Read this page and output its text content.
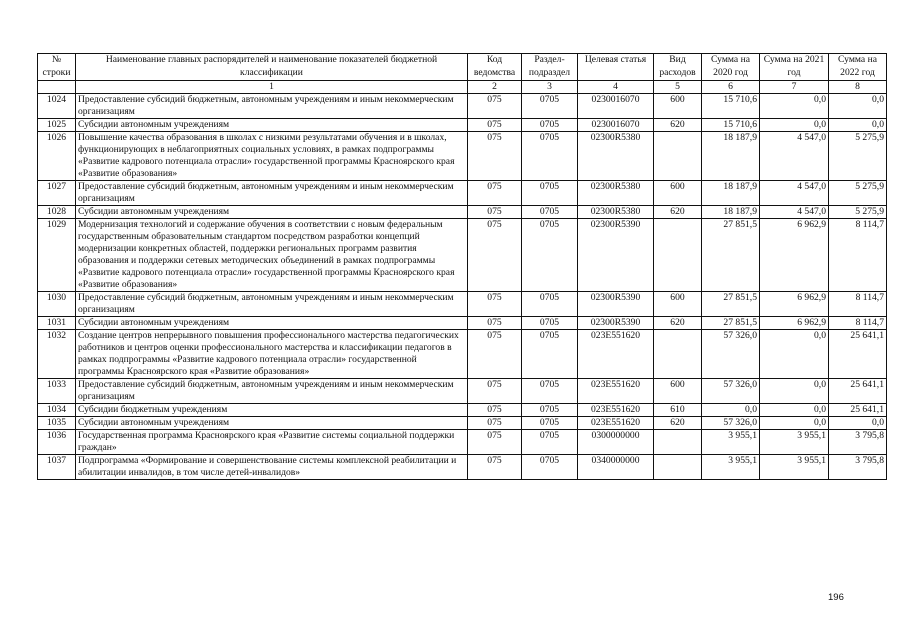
№ строки	Наименование главных распорядителей и наименование показателей бюджетной классификации	Код ведомства	Раздел-подраздел	Целевая статья	Вид расходов	Сумма на 2020 год	Сумма на 2021 год	Сумма на 2022 год
	1	2	3	4	5	6	7	8
1024	Предоставление субсидий бюджетным, автономным учреждениям и иным некоммерческим организациям	075	0705	0230016070	600	15 710,6	0,0	0,0
1025	Субсидии автономным учреждениям	075	0705	0230016070	620	15 710,6	0,0	0,0
1026	Повышение качества образования в школах с низкими результатами обучения и в школах, функционирующих в неблагоприятных социальных условиях, в рамках подпрограммы «Развитие кадрового потенциала отрасли» государственной программы Красноярского края «Развитие образования»	075	0705	02300R5380		18 187,9	4 547,0	5 275,9
1027	Предоставление субсидий бюджетным, автономным учреждениям и иным некоммерческим организациям	075	0705	02300R5380	600	18 187,9	4 547,0	5 275,9
1028	Субсидии автономным учреждениям	075	0705	02300R5380	620	18 187,9	4 547,0	5 275,9
1029	Модернизация технологий и содержание обучения в соответствии с новым федеральным государственным образовательным стандартом посредством разработки концепций модернизации конкретных областей, поддержки региональных программ развития образования и поддержки сетевых методических объединений в рамках подпрограммы «Развитие кадрового потенциала отрасли» государственной программы Красноярского края «Развитие образования»	075	0705	02300R5390		27 851,5	6 962,9	8 114,7
1030	Предоставление субсидий бюджетным, автономным учреждениям и иным некоммерческим организациям	075	0705	02300R5390	600	27 851,5	6 962,9	8 114,7
1031	Субсидии автономным учреждениям	075	0705	02300R5390	620	27 851,5	6 962,9	8 114,7
1032	Создание центров непрерывного повышения профессионального мастерства педагогических работников и центров оценки профессионального мастерства и классификации педагогов в рамках подпрограммы «Развитие кадрового потенциала отрасли» государственной программы Красноярского края «Развитие образования»	075	0705	023E551620		57 326,0	0,0	25 641,1
1033	Предоставление субсидий бюджетным, автономным учреждениям и иным некоммерческим организациям	075	0705	023E551620	600	57 326,0	0,0	25 641,1
1034	Субсидии бюджетным учреждениям	075	0705	023E551620	610	0,0	0,0	25 641,1
1035	Субсидии автономным учреждениям	075	0705	023E551620	620	57 326,0	0,0	0,0
1036	Государственная программа Красноярского края «Развитие системы социальной поддержки граждан»	075	0705	0300000000		3 955,1	3 955,1	3 795,8
1037	Подпрограмма «Формирование и совершенствование системы комплексной реабилитации и абилитации инвалидов, в том числе детей-инвалидов»	075	0705	0340000000		3 955,1	3 955,1	3 795,8
196
